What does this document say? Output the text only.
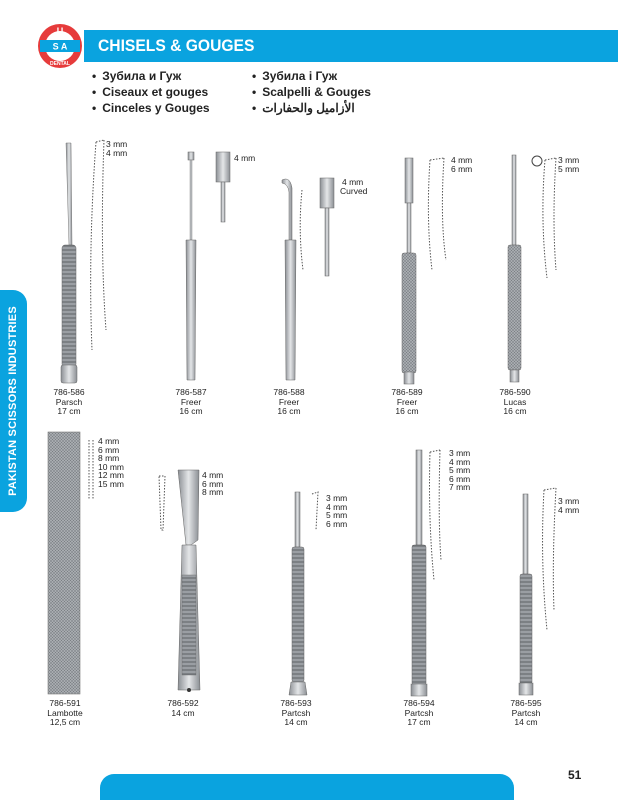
CHISELS & GOUGES
U
S A
DENTAL
• Зубила и Гуж
• Ciseaux et gouges
• Cinceles y Gouges
• Зубила і Гуж
• Scalpelli & Gouges
• الأزاميل والحفارات
PAKISTAN SCISSORS INDUSTRIES
3 mm
4 mm
4 mm
4 mm
Curved
4 mm
6 mm
3 mm
5 mm
4 mm
6 mm
8 mm
10 mm
12 mm
15 mm
4 mm
6 mm
8 mm
3 mm
4 mm
5 mm
6 mm
3 mm
4 mm
5 mm
6 mm
7 mm
3 mm
4 mm
786-586
Parsch
17 cm
786-587
Freer
16 cm
786-588
Freer
16 cm
786-589
Freer
16 cm
786-590
Lucas
16 cm
786-591
Lambotte
12,5 cm
786-592
14 cm
786-593
Partcsh
14 cm
786-594
Partcsh
17 cm
786-595
Partcsh
14 cm
51
